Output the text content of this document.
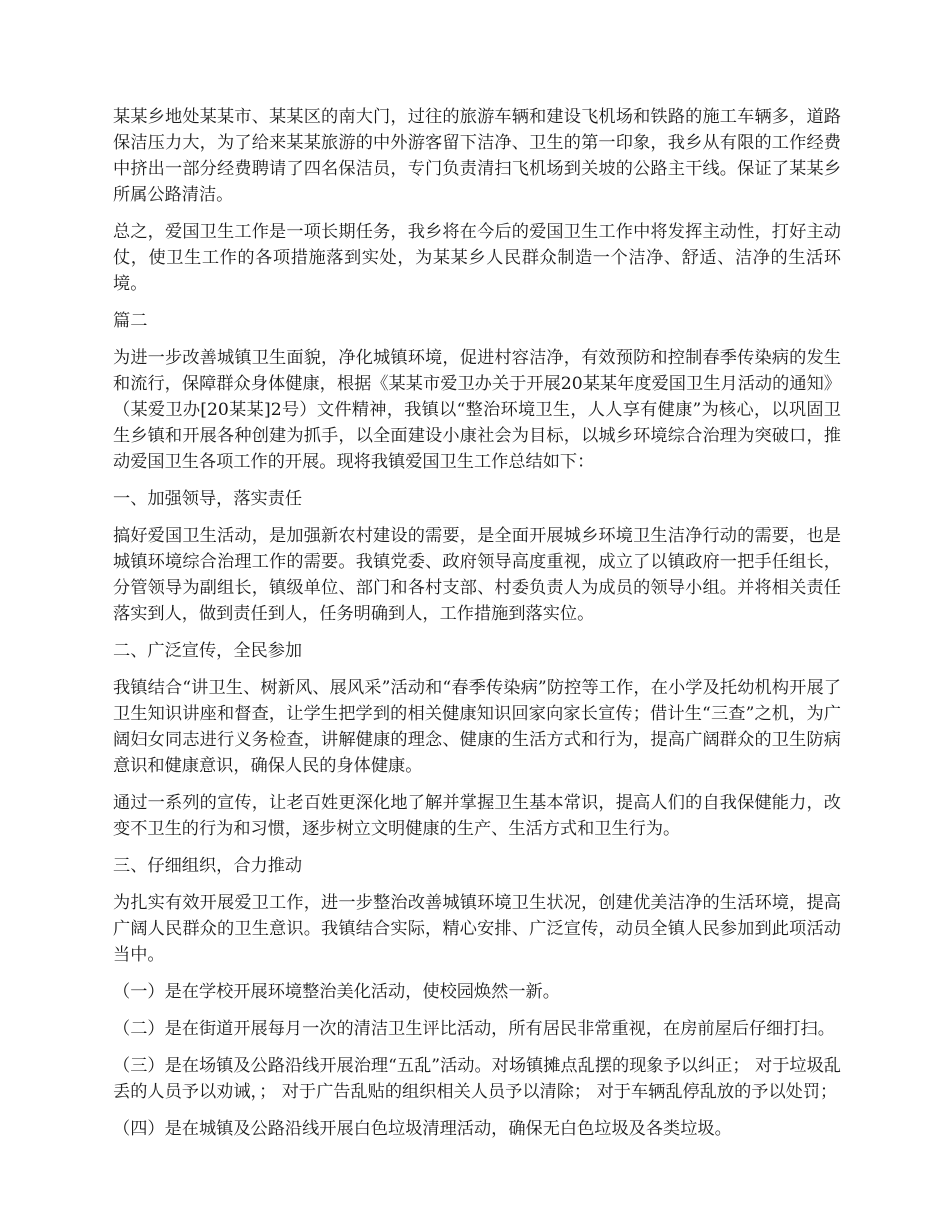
某某乡地处某某市、某某区的南大门，过往的旅游车辆和建设飞机场和铁路的施工车辆多，道路保洁压力大，为了给来某某旅游的中外游客留下洁净、卫生的第一印象，我乡从有限的工作经费中挤出一部分经费聘请了四名保洁员，专门负责清扫飞机场到关坡的公路主干线。保证了某某乡所属公路清洁。

总之，爱国卫生工作是一项长期任务，我乡将在今后的爱国卫生工作中将发挥主动性，打好主动仗，使卫生工作的各项措施落到实处，为某某乡人民群众制造一个洁净、舒适、洁净的生活环境。

篇二

为进一步改善城镇卫生面貌，净化城镇环境，促进村容洁净，有效预防和控制春季传染病的发生和流行，保障群众身体健康，根据《某某市爱卫办关于开展20某某年度爱国卫生月活动的通知》（某爱卫办[20某某]2号）文件精神，我镇以“整治环境卫生，人人享有健康”为核心，以巩固卫生乡镇和开展各种创建为抓手，以全面建设小康社会为目标，以城乡环境综合治理为突破口，推动爱国卫生各项工作的开展。现将我镇爱国卫生工作总结如下：

一、加强领导，落实责任

搞好爱国卫生活动，是加强新农村建设的需要，是全面开展城乡环境卫生洁净行动的需要，也是城镇环境综合治理工作的需要。我镇党委、政府领导高度重视，成立了以镇政府一把手任组长，分管领导为副组长，镇级单位、部门和各村支部、村委负责人为成员的领导小组。并将相关责任落实到人，做到责任到人，任务明确到人，工作措施到落实位。

二、广泛宣传，全民参加

我镇结合“讲卫生、树新风、展风采”活动和“春季传染病”防控等工作，在小学及托幼机构开展了卫生知识讲座和督查，让学生把学到的相关健康知识回家向家长宣传；借计生“三查”之机，为广阔妇女同志进行义务检查，讲解健康的理念、健康的生活方式和行为，提高广阔群众的卫生防病意识和健康意识，确保人民的身体健康。

通过一系列的宣传，让老百姓更深化地了解并掌握卫生基本常识，提高人们的自我保健能力，改变不卫生的行为和习惯，逐步树立文明健康的生产、生活方式和卫生行为。

三、仔细组织，合力推动

为扎实有效开展爱卫工作，进一步整治改善城镇环境卫生状况，创建优美洁净的生活环境，提高广阔人民群众的卫生意识。我镇结合实际，精心安排、广泛宣传，动员全镇人民参加到此项活动当中。

（一）是在学校开展环境整治美化活动，使校园焕然一新。

（二）是在街道开展每月一次的清洁卫生评比活动，所有居民非常重视，在房前屋后仔细打扫。

（三）是在场镇及公路沿线开展治理“五乱”活动。对场镇摊点乱摆的现象予以纠正； 对于垃圾乱丢的人员予以劝诫，； 对于广告乱贴的组织相关人员予以清除； 对于车辆乱停乱放的予以处罚；

（四）是在城镇及公路沿线开展白色垃圾清理活动，确保无白色垃圾及各类垃圾。
